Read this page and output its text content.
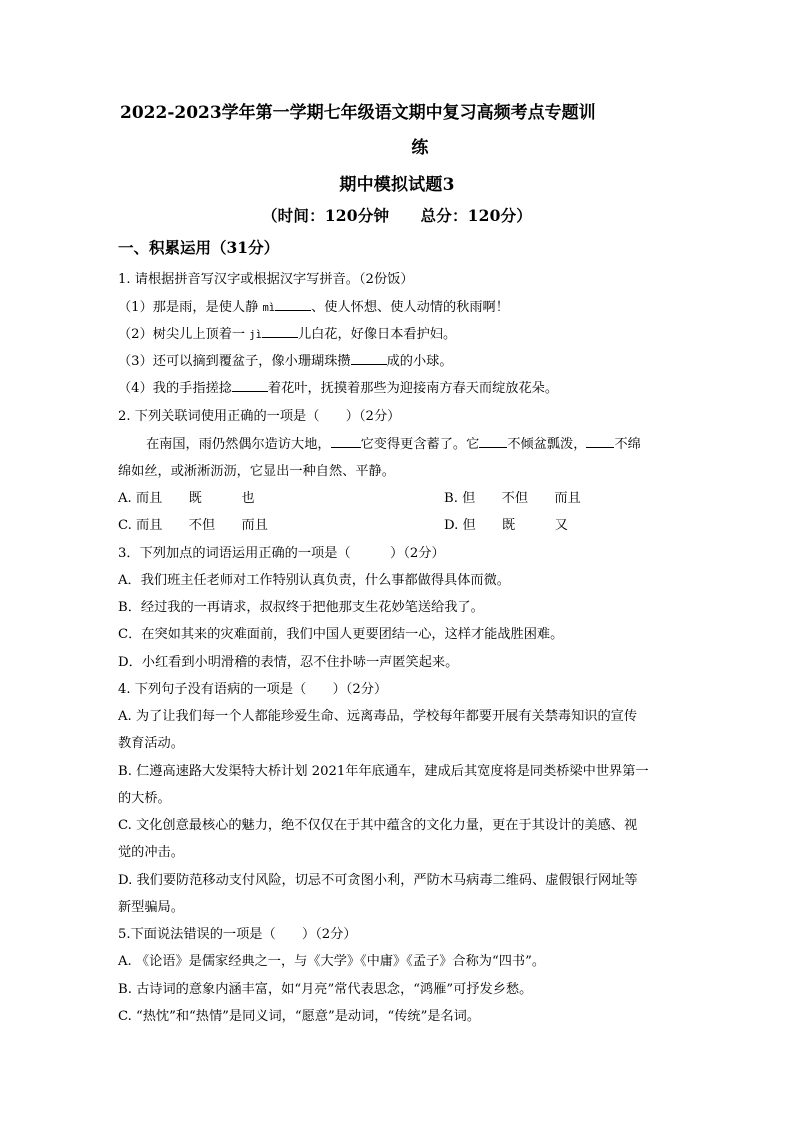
2022-2023学年第一学期七年级语文期中复习高频考点专题训
练
期中模拟试题3
（时间：120分钟　　总分：120分）
一、积累运用（31分）
1. 请根据拼音写汉字或根据汉字写拼音。（2份饭）
（1）那是雨，是使人静 mì	、使人怀想、使人动情的秋雨啊！
（2）树尖儿上顶着一 jì	儿白花，好像日本看护妇。
（3）还可以摘到覆盆子，像小珊瑚珠攒	成的小球。
（4）我的手指搓捻	着花叶，抚摸着那些为迎接南方春天而绽放花朵。
2. 下列关联词使用正确的一项是（　　）（2分）
在南国，雨仍然偶尔造访大地， 它变得更含蓄了。它 不倾盆瓢泼， 不绵
绵如丝，或淅淅沥沥，它显出一种自然、平静。
A. 而且　　既　　　也	B. 但　　不但　　而且
C. 而且　　不但　　而且	D. 但　　既　　　又
3．下列加点的词语运用正确的一项是（　　　）（2分）
A．我们班主任老师对工作特别认真负责，什么事都做得具体而微。
B．经过我的一再请求，叔叔终于把他那支生花妙笔送给我了。
C．在突如其来的灾难面前，我们中国人更要团结一心，这样才能战胜困难。
D．小红看到小明滑稽的表情，忍不住扑哧一声匿笑起来。
4. 下列句子没有语病的一项是（　　）（2分）
A. 为了让我们每一个人都能珍爱生命、远离毒品，学校每年都要开展有关禁毒知识的宣传
教育活动。
B. 仁遵高速路大发渠特大桥计划 2021年年底通车，建成后其宽度将是同类桥梁中世界第一
的大桥。
C. 文化创意最核心的魅力，绝不仅仅在于其中蕴含的文化力量，更在于其设计的美感、视
觉的冲击。
D. 我们要防范移动支付风险，切忌不可贪图小利，严防木马病毒二维码、虚假银行网址等
新型骗局。
5.下面说法错误的一项是（　　）（2分）
A. 《论语》是儒家经典之一，与《大学》《中庸》《孟子》合称为“四书”。
B. 古诗词的意象内涵丰富，如“月亮”常代表思念，“鸿雁”可抒发乡愁。
C. “热忱”和“热情”是同义词，“愿意”是动词，“传统”是名词。
